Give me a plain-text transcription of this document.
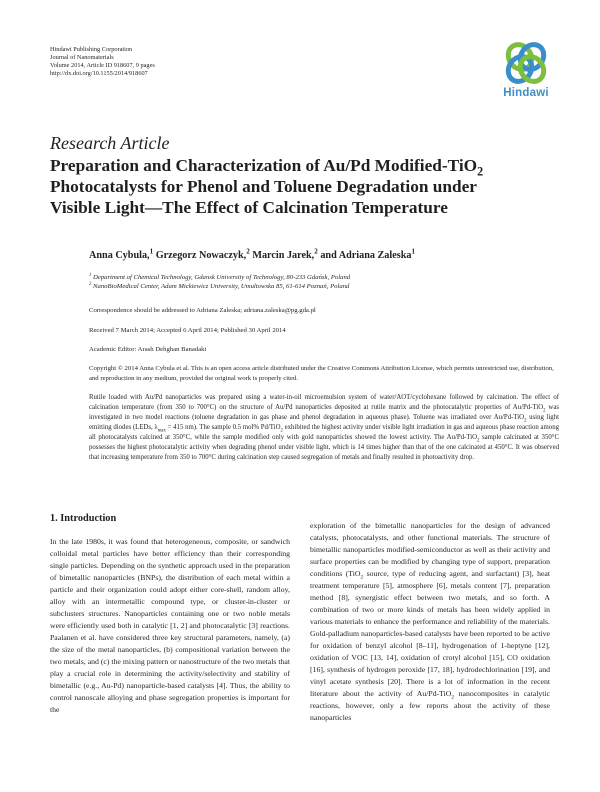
Hindawi Publishing Corporation
Journal of Nanomaterials
Volume 2014, Article ID 918607, 9 pages
http://dx.doi.org/10.1155/2014/918607
Hindawi
Research Article
Preparation and Characterization of Au/Pd Modified-TiO$_2$
Photocatalysts for Phenol and Toluene Degradation under
Visible Light—The Effect of Calcination Temperature
Anna Cybula,$^1$ Grzegorz Nowaczyk,$^2$ Marcin Jarek,$^2$ and Adriana Zaleska$^1$
$^1$ Department of Chemical Technology, Gdansk University of Technology, 80-233 Gdańsk, Poland
$^2$ NanoBioMedical Center, Adam Mickiewicz University, Umultowska 85, 61-614 Poznań, Poland
Correspondence should be addressed to Adriana Zaleska; adriana.zaleska@pg.gda.pl
Received 7 March 2014; Accepted 6 April 2014; Published 30 April 2014
Academic Editor: Arash Dehghan Banadaki
Copyright © 2014 Anna Cybula et al. This is an open access article distributed under the Creative Commons Attribution License, which permits unrestricted use, distribution, and reproduction in any medium, provided the original work is properly cited.
Rutile loaded with Au/Pd nanoparticles was prepared using a water-in-oil microemulsion system of water/AOT/cyclohexane followed by calcination. The effect of calcination temperature (from 350 to 700°C) on the structure of Au/Pd nanoparticles deposited at rutile matrix and the photocatalytic properties of Au/Pd-TiO$_2$ was investigated in two model reactions (toluene degradation in gas phase and phenol degradation in aqueous phase). Toluene was irradiated over Au/Pd-TiO$_2$ using light emitting diodes (LEDs, $\lambda_{max} = 415$ nm). The sample 0.5 mol% Pd/TiO$_2$ exhibited the highest activity under visible light irradiation in gas and aqueous phase reaction among all photocatalysts calcined at 350°C, while the sample modified only with gold nanoparticles showed the lowest activity. The Au/Pd-TiO$_2$ sample calcinated at 350°C possesses the highest photocatalytic activity when degrading phenol under visible light, which is 14 times higher than that of the one calcinated at 450°C. It was observed that increasing temperature from 350 to 700°C during calcination step caused segregation of metals and finally resulted in photoactivity drop.
1. Introduction

In the late 1980s, it was found that heterogeneous, composite, or sandwich colloidal metal particles have better efficiency than their corresponding single particles. Depending on the synthetic approach used in the preparation of bimetallic nanoparticles (BNPs), the distribution of each metal within a particle and their organization could adopt either core-shell, random alloy, alloy with an intermetallic compound type, or cluster-in-cluster or subclusters structures. Nanoparticles containing one or two noble metals were efficiently used both in catalytic [1, 2] and photocatalytic [3] reactions. Paalanen et al. have considered three key structural parameters, namely, (a) the size of the metal nanoparticles, (b) compositional variation between the two metals, and (c) the mixing pattern or nanostructure of the two metals that play a crucial role in determining the activity/selectivity and stability of bimetallic (e.g., Au-Pd) nanoparticle-based catalysts [4]. Thus, the ability to control nanoscale alloying and phase segregation properties is important for the

exploration of the bimetallic nanoparticles for the design of advanced catalysts, photocatalysts, and other functional materials. The structure of bimetallic nanoparticles modified-semiconductor as well as their activity and surface properties can be modified by changing type of support, preparation conditions (TiO$_2$ source, type of reducing agent, and surfactant) [3], heat treatment temperature [5], atmosphere [6], metals content [7], preparation method [8], synergistic effect between two metals, and so forth. A combination of two or more kinds of metals has been widely applied in various materials to enhance the performance and reliability of the materials. Gold-palladium nanoparticles-based catalysts have been reported to be active for oxidation of benzyl alcohol [8–11], hydrogenation of 1-heptyne [12], oxidation of VOC [13, 14], oxidation of crotyl alcohol [15], CO oxidation [16], synthesis of hydrogen peroxide [17, 18], hydrodechlorination [19], and vinyl acetate synthesis [20]. There is a lot of information in the recent literature about the activity of Au/Pd-TiO$_2$ nanocomposites in catalytic reactions, however, only a few reports about the activity of these nanoparticles
